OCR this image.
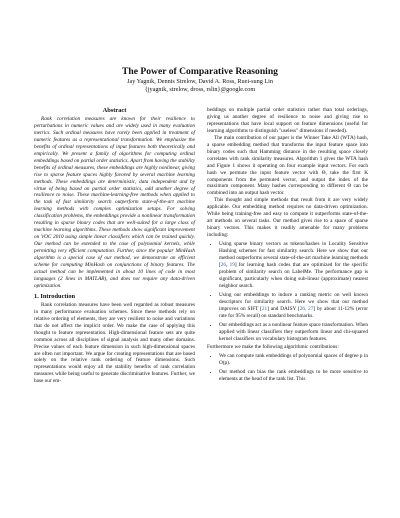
The Power of Comparative Reasoning
Jay Yagnik, Dennis Strelow, David A. Ross, Ruei-sung Lin
{jyagnik, strelow, dross, rslin}@google.com
Abstract

Rank correlation measures are known for their resilience to perturbations in numeric values and are widely used in many evaluation metrics. Such ordinal measures have rarely been applied in treatment of numeric features as a representational transformation. We emphasize the benefits of ordinal representations of input features both theoretically and empirically. We present a family of algorithms for computing ordinal embeddings based on partial order statistics. Apart from having the stability benefits of ordinal measures, these embeddings are highly nonlinear, giving rise to sparse feature spaces highly favored by several machine learning methods. These embeddings are deterministic, data independent and by virtue of being based on partial order statistics, add another degree of resilience to noise. These machine-learning-free methods when applied to the task of fast similarity search outperform state-of-the-art machine learning methods with complex optimization setups. For solving classification problems, the embeddings provide a nonlinear transformation resulting in sparse binary codes that are well-suited for a large class of machine learning algorithms. These methods show significant improvement on VOC 2010 using simple linear classifiers which can be trained quickly. Our method can be extended to the case of polynomial kernels, while permitting very efficient computation. Further, since the popular MinHash algorithm is a special case of our method, we demonstrate an efficient scheme for computing MinHash on conjunctions of binary features. The actual method can be implemented in about 10 lines of code in most languages (2 lines in MATLAB), and does not require any data-driven optimization.

1. Introduction

Rank correlation measures have been well regarded as robust measures in many performance evaluation schemes. Since these methods rely on relative ordering of elements, they are very resilient to noise and variations that do not affect the implicit order. We make the case of applying this thought to feature representation. High-dimensional feature sets are quite common across all disciplines of signal analysis and many other domains. Precise values of each feature dimension in such high-dimensional spaces are often not important. We argue for creating representations that are based solely on the relative rank ordering of feature dimensions. Such representations would enjoy all the stability benefits of rank correlation measures while being useful to generate discriminative features. Further, we base our em-

beddings on multiple partial order statistics rather than total orderings, giving us another degree of resilience to noise and giving rise to representations that have local support on feature dimensions (useful for learning algorithms to distinguish "useless" dimensions if needed).

The main contribution of our paper is the Winner Take All (WTA) hash, a sparse embedding method that transforms the input feature space into binary codes such that Hamming distance in the resulting space closely correlates with rank similarity measures. Algorithm 1 gives the WTA hash and Figure 1 shows it operating on four example input vectors. For each hash we permute the input feature vector with Θ, take the first K components from the permuted vector, and output the index of the maximum component. Many hashes corresponding to different Θ can be combined into an output hash vector.

This thought and simple methods that result from it are very widely applicable. Our embedding method requires no data-driven optimization. While being training-free and easy to compute it outperforms state-of-the-art methods on several tasks. Our method gives rise to a space of sparse binary vectors. This makes it readily amenable for many problems including:

• Using sparse binary vectors as tokens/hashes in Locality Sensitive Hashing schemes for fast similarity search. Here we show that our method outperforms several state-of-the-art machine learning methods [26, 19] for learning hash codes that are optimized for the specific problem of similarity search on LabelMe. The performance gap is significant, particularly when doing sub-linear (approximate) nearest neighbor search.
• Using our embeddings to induce a ranking metric on well known descriptors for similarity search. Here we show that our method improves on SIFT [21] and DAISY [26, 27] by about 11-12% (error rate for 95% recall) on standard benchmarks.
• Our embeddings act as a nonlinear feature space transformation. When applied with linear classifiers they outperform linear and chi-squared kernel classifiers on vocabulary histogram features.

Furthermore we make the following algorithmic contributions:

• We can compute rank embeddings of polynomial spaces of degree p in O(p).
• Our method can bias the rank embeddings to be more sensitive to elements at the head of the rank list. This
